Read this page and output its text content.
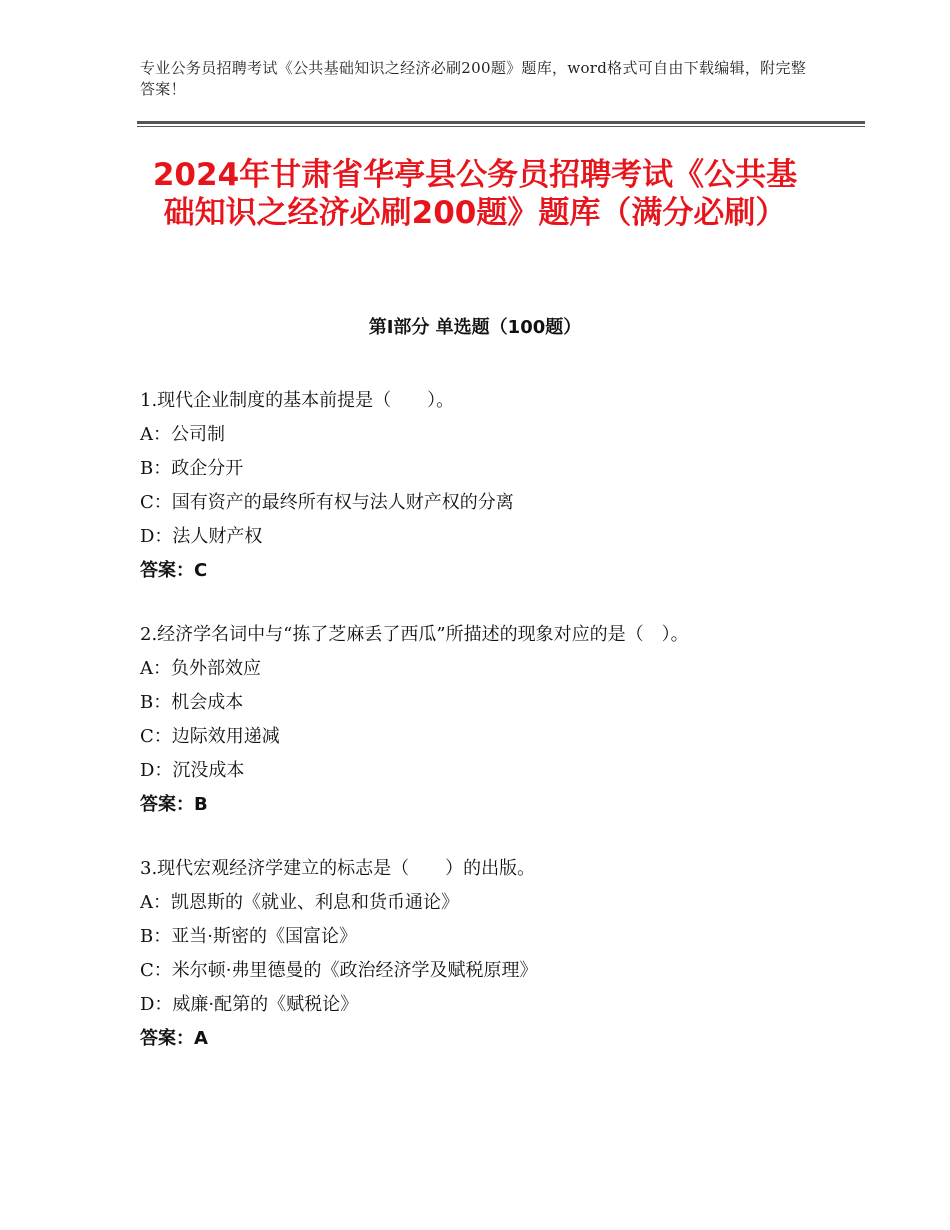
专业公务员招聘考试《公共基础知识之经济必刷200题》题库，word格式可自由下载编辑，附完整答案！
2024年甘肃省华亭县公务员招聘考试《公共基础知识之经济必刷200题》题库（满分必刷）
第Ⅰ部分 单选题（100题）
1.现代企业制度的基本前提是（　　）。
A：公司制
B：政企分开
C：国有资产的最终所有权与法人财产权的分离
D：法人财产权
答案：C
2.经济学名词中与“拣了芝麻丢了西瓜”所描述的现象对应的是（　）。
A：负外部效应
B：机会成本
C：边际效用递减
D：沉没成本
答案：B
3.现代宏观经济学建立的标志是（　　）的出版。
A：凯恩斯的《就业、利息和货币通论》
B：亚当·斯密的《国富论》
C：米尔顿·弗里德曼的《政治经济学及赋税原理》
D：威廉·配第的《赋税论》
答案：A
